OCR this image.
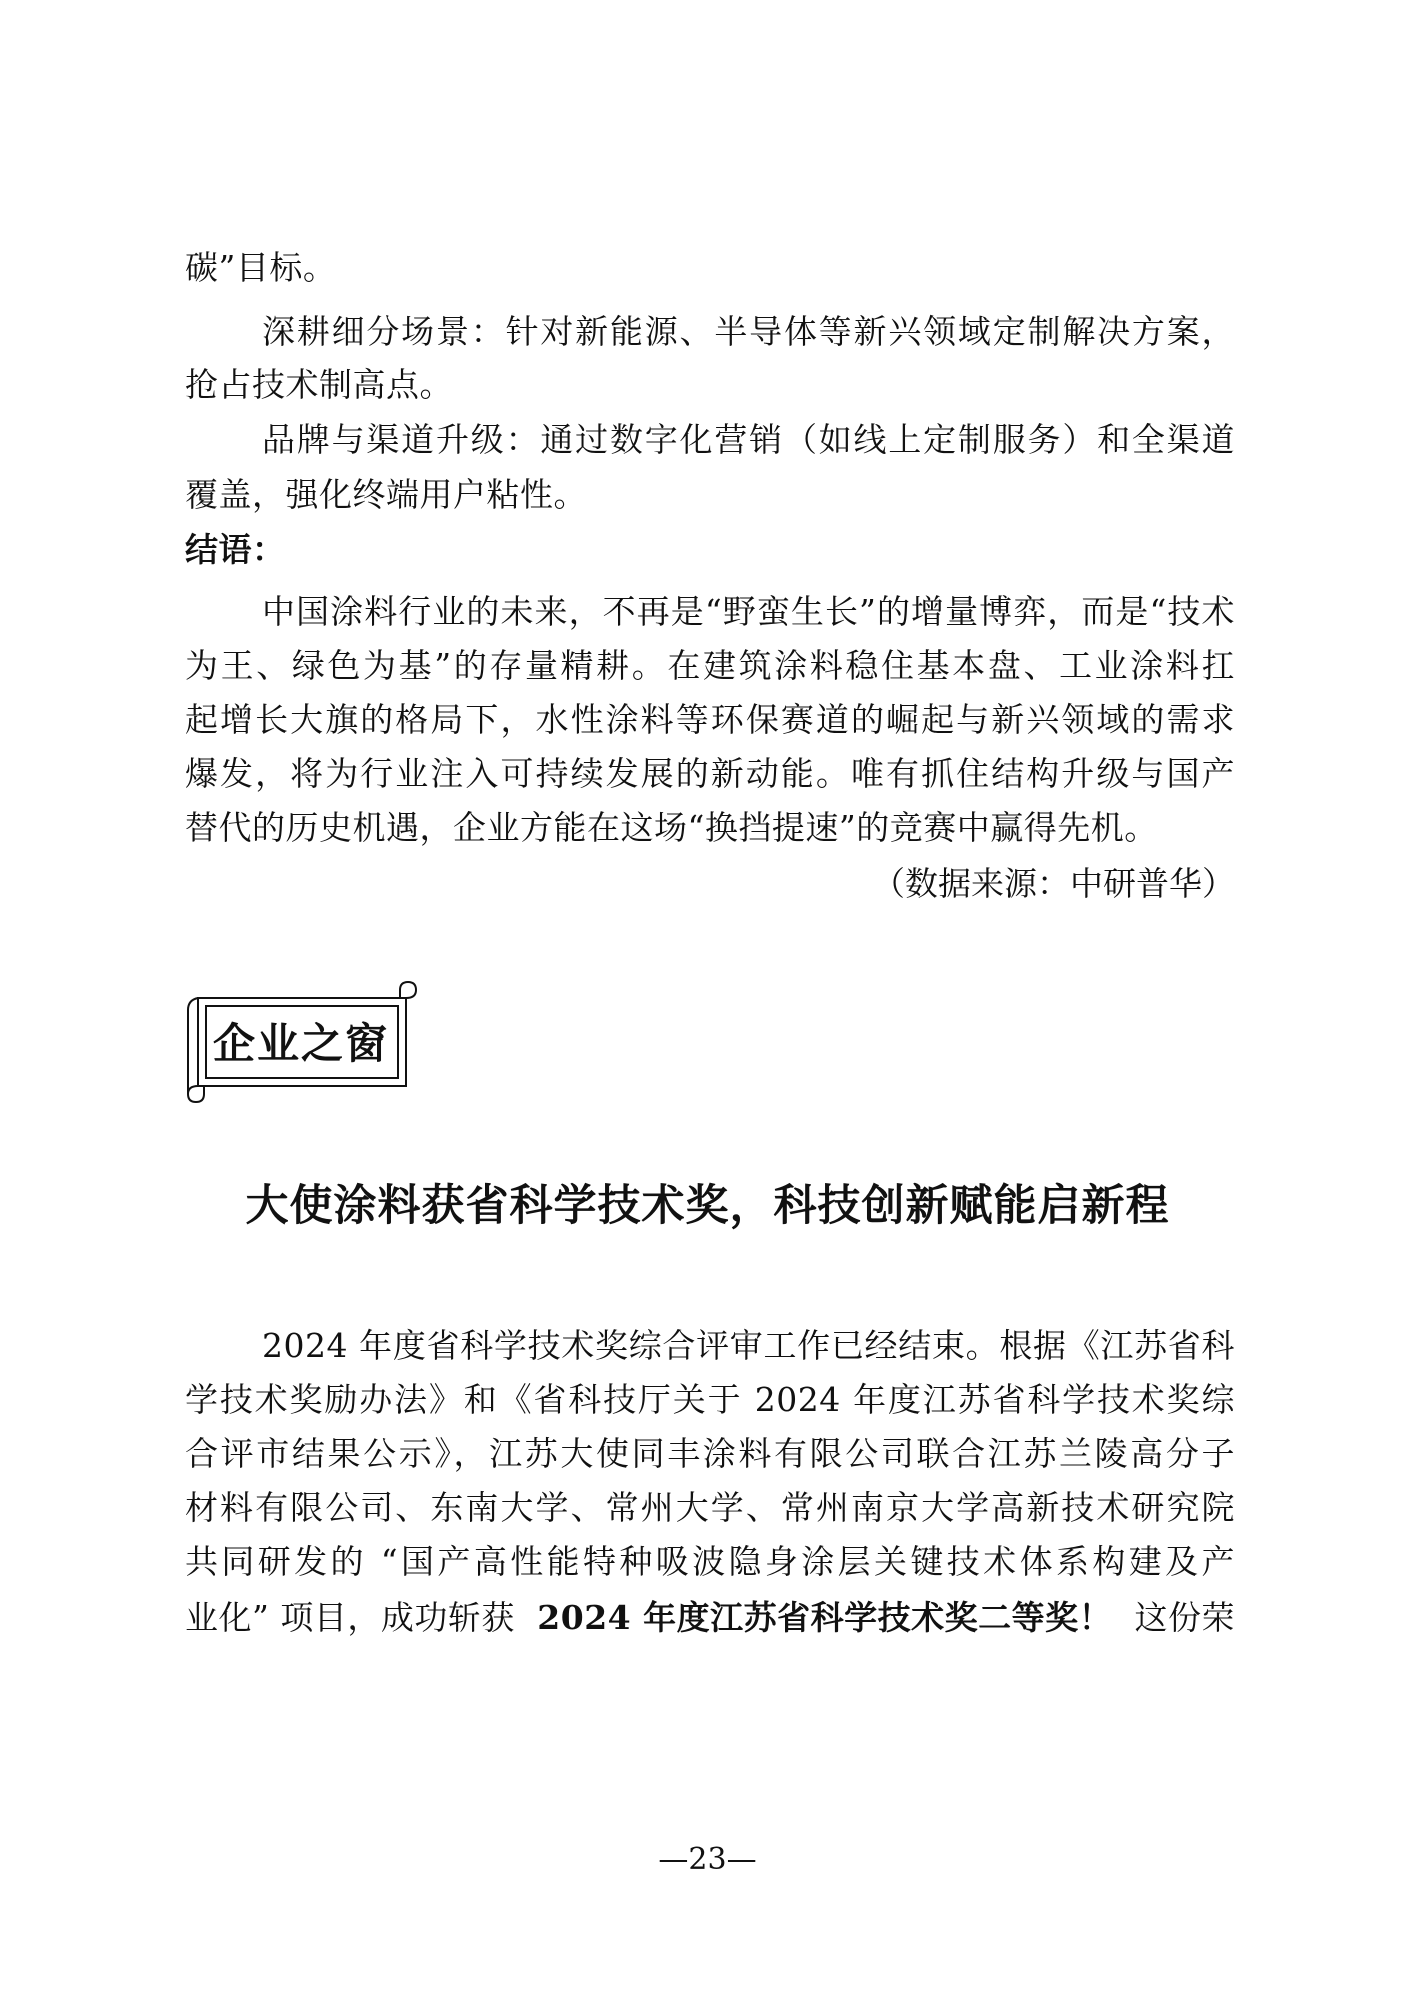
碳”目标。
深耕细分场景：针对新能源、半导体等新兴领域定制解决方案，
抢占技术制高点。
品牌与渠道升级：通过数字化营销（如线上定制服务）和全渠道
覆盖，强化终端用户粘性。
结语：
中国涂料行业的未来，不再是“野蛮生长”的增量博弈，而是“技术
为王、绿色为基”的存量精耕。在建筑涂料稳住基本盘、工业涂料扛
起增长大旗的格局下，水性涂料等环保赛道的崛起与新兴领域的需求
爆发，将为行业注入可持续发展的新动能。唯有抓住结构升级与国产
替代的历史机遇，企业方能在这场“换挡提速”的竞赛中赢得先机。
（数据来源：中研普华）
企业之窗
大使涂料获省科学技术奖，科技创新赋能启新程
2024 年度省科学技术奖综合评审工作已经结束。根据《江苏省科
学技术奖励办法》和《省科技厅关于 2024 年度江苏省科学技术奖综
合评市结果公示》，江苏大使同丰涂料有限公司联合江苏兰陵高分子
材料有限公司、东南大学、常州大学、常州南京大学高新技术研究院
共同研发的 “国产高性能特种吸波隐身涂层关键技术体系构建及产
业化” 项目，成功斩获 2024 年度江苏省科学技术奖二等奖！ 这份荣
—23—
